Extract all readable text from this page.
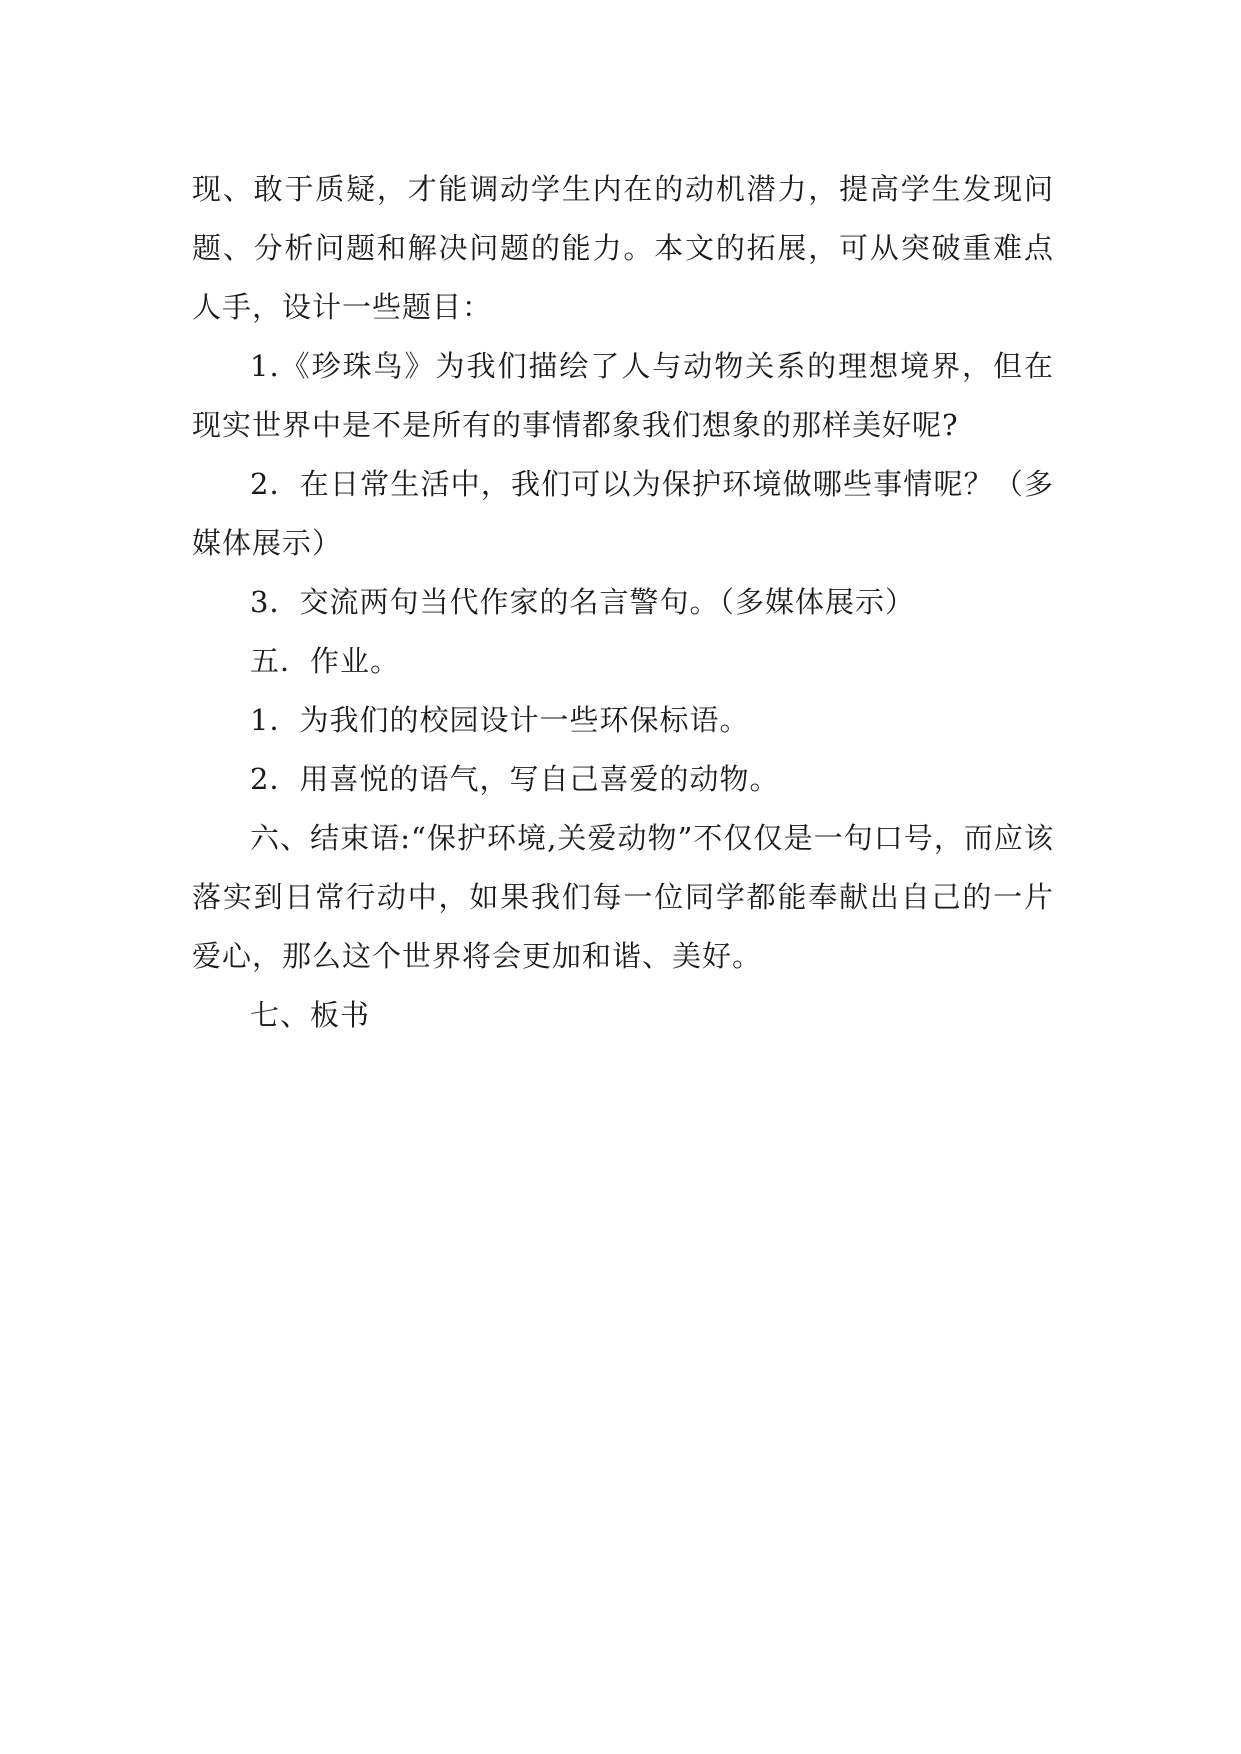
现、敢于质疑，才能调动学生内在的动机潜力，提高学生发现问题、分析问题和解决问题的能力。本文的拓展，可从突破重难点人手，设计一些题目：

1.《珍珠鸟》为我们描绘了人与动物关系的理想境界，但在现实世界中是不是所有的事情都象我们想象的那样美好呢?

2．在日常生活中，我们可以为保护环境做哪些事情呢？（多媒体展示）

3．交流两句当代作家的名言警句。（多媒体展示）

五．作业。

1．为我们的校园设计一些环保标语。

2．用喜悦的语气，写自己喜爱的动物。

六、结束语:“保护环境,关爱动物”不仅仅是一句口号，而应该落实到日常行动中，如果我们每一位同学都能奉献出自己的一片爱心，那么这个世界将会更加和谐、美好。

七、板书
